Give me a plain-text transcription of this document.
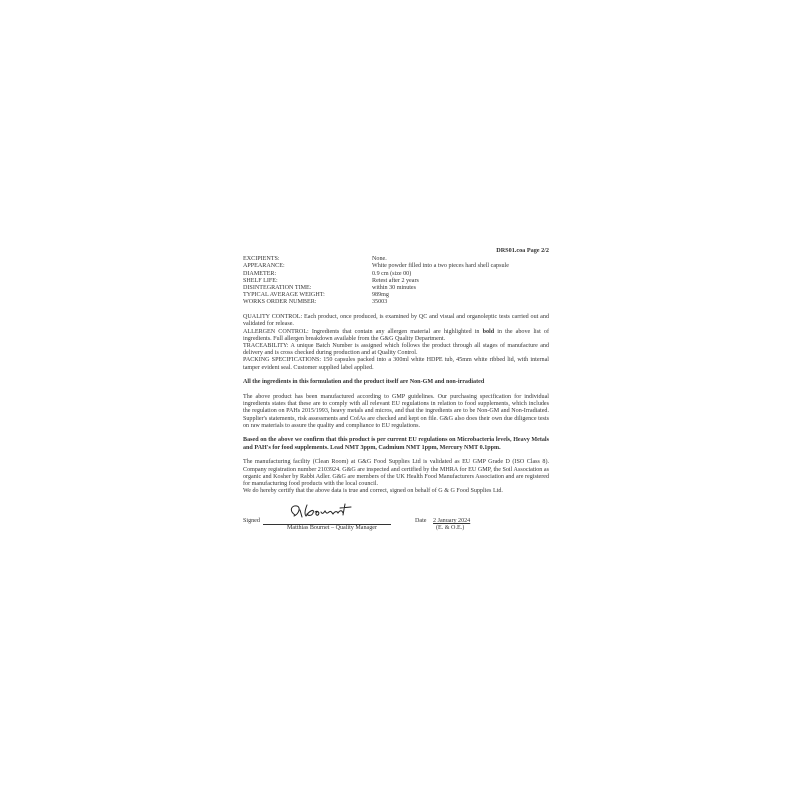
DRS01.coa Page 2/2
EXCIPIENTS:	None.
APPEARANCE:	White powder filled into a two pieces hard shell capsule
DIAMETER:	0.9 cm (size 00)
SHELF LIFE:	Retest after 2 years
DISINTEGRATION TIME:	within 30 minutes
TYPICAL AVERAGE WEIGHT:	989mg
WORKS ORDER NUMBER:	35003

QUALITY CONTROL: Each product, once produced, is examined by QC and visual and organoleptic tests carried out and validated for release.

ALLERGEN CONTROL: Ingredients that contain any allergen material are highlighted in bold in the above list of ingredients. Full allergen breakdown available from the G&G Quality Department.

TRACEABILITY: A unique Batch Number is assigned which follows the product through all stages of manufacture and delivery and is cross checked during production and at Quality Control.

PACKING SPECIFICATIONS: 150 capsules packed into a 300ml white HDPE tub, 45mm white ribbed lid, with internal tamper evident seal. Customer supplied label applied.

All the ingredients in this formulation and the product itself are Non-GM and non-irradiated

The above product has been manufactured according to GMP guidelines. Our purchasing specification for individual ingredients states that these are to comply with all relevant EU regulations in relation to food supplements, which includes the regulation on PAHs 2015/1993, heavy metals and micros, and that the ingredients are to be Non-GM and Non-Irradiated. Supplier's statements, risk assessments and CofAs are checked and kept on file. G&G also does their own due diligence tests on raw materials to assure the quality and compliance to EU regulations.

Based on the above we confirm that this product is per current EU regulations on Microbacteria levels, Heavy Metals and PAH's for food supplements. Lead NMT 3ppm, Cadmium NMT 1ppm, Mercury NMT 0.1ppm.

The manufacturing facility (Clean Room) at G&G Food Supplies Ltd is validated as EU GMP Grade D (ISO Class 8). Company registration number 2103924. G&G are inspected and certified by the MHRA for EU GMP, the Soil Association as organic and Kosher by Rabbi Adler. G&G are members of the UK Health Food Manufacturers Association and are registered for manufacturing food products with the local council.

We do hereby certify that the above data is true and correct, signed on behalf of G & G Food Supplies Ltd.

Signed
Matthias Bournet – Quality Manager
Date 2 January 2024
(E. & O.E.)
